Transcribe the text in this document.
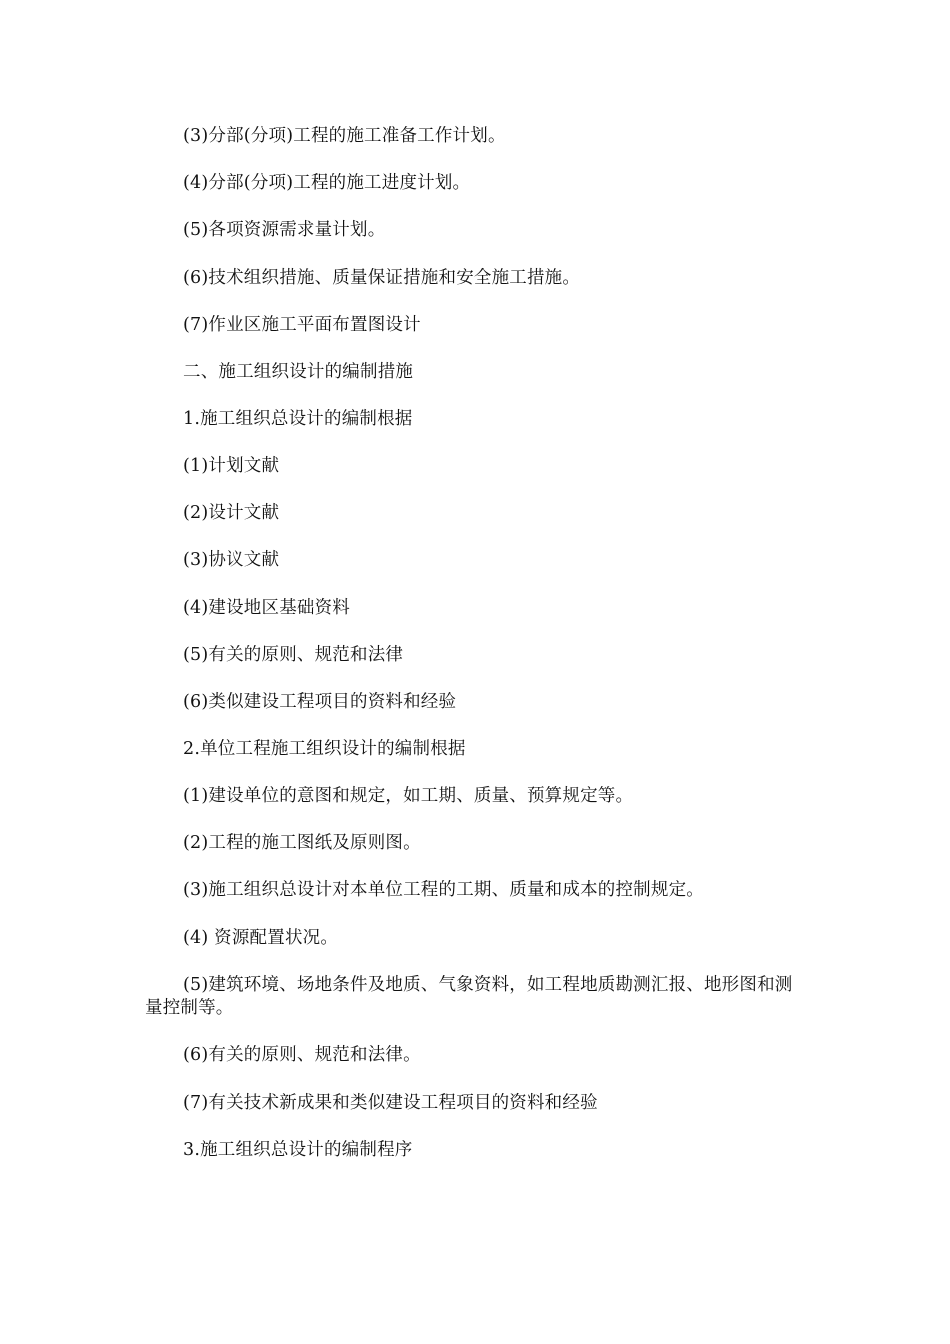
(3)分部(分项)工程的施工准备工作计划。

(4)分部(分项)工程的施工进度计划。

(5)各项资源需求量计划。

(6)技术组织措施、质量保证措施和安全施工措施。

(7)作业区施工平面布置图设计

二、施工组织设计的编制措施

1.施工组织总设计的编制根据

(1)计划文献

(2)设计文献

(3)协议文献

(4)建设地区基础资料

(5)有关的原则、规范和法律

(6)类似建设工程项目的资料和经验

2.单位工程施工组织设计的编制根据

(1)建设单位的意图和规定，如工期、质量、预算规定等。

(2)工程的施工图纸及原则图。

(3)施工组织总设计对本单位工程的工期、质量和成本的控制规定。

(4) 资源配置状况。

(5)建筑环境、场地条件及地质、气象资料，如工程地质勘测汇报、地形图和测量控制等。

(6)有关的原则、规范和法律。

(7)有关技术新成果和类似建设工程项目的资料和经验

3.施工组织总设计的编制程序
